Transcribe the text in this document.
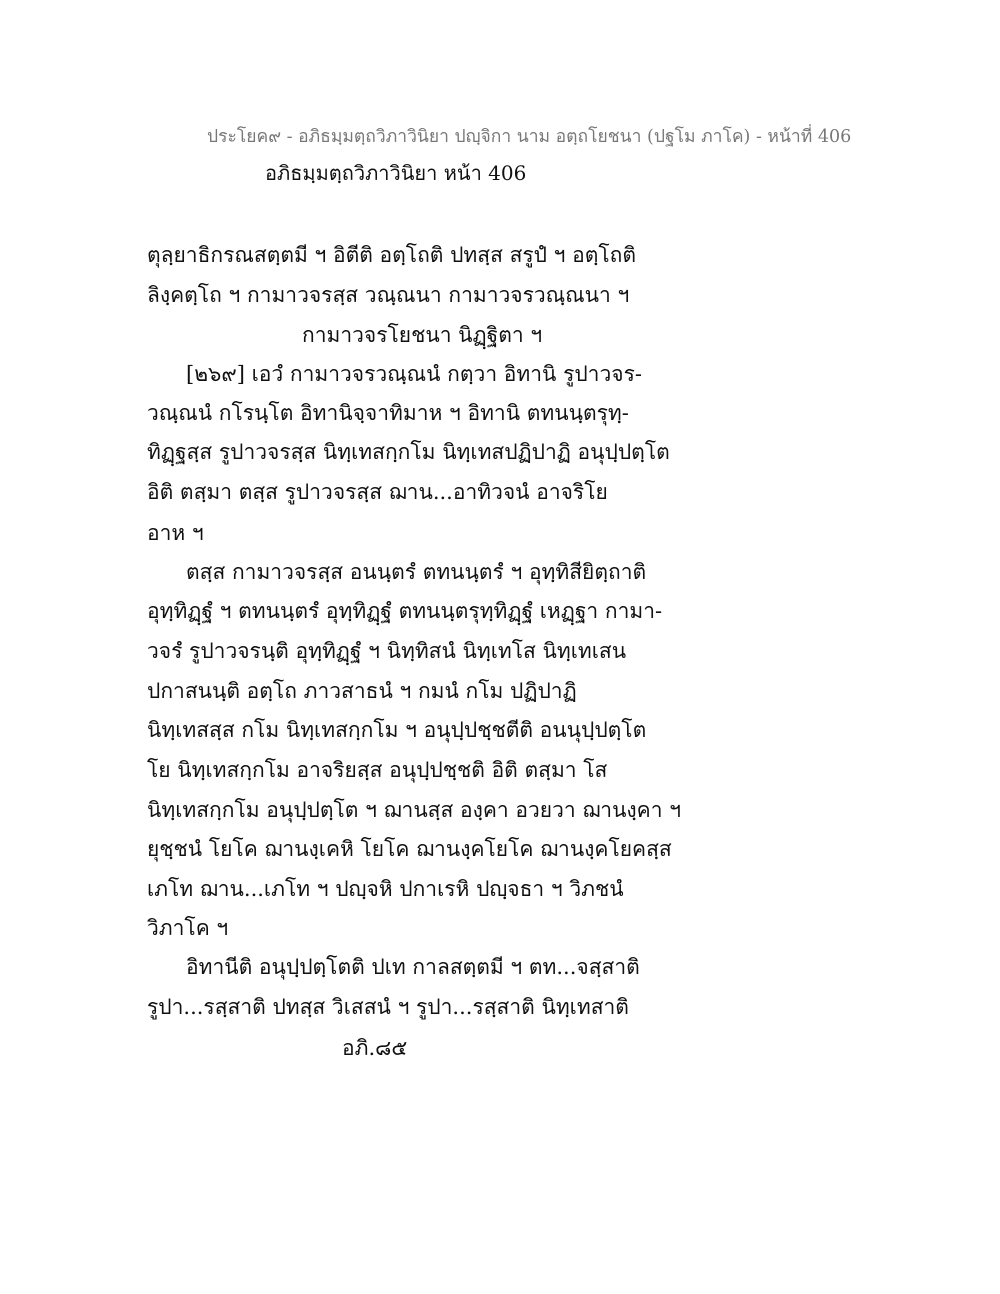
ประโยค๙ - อภิธมฺมตฺถวิภาวินิยา ปญฺจิกา นาม อตฺถโยชนา (ปฐโม ภาโค) - หน้าที่ 406
อภิธมฺมตฺถวิภาวินิยา หน้า 406
ตุลฺยาธิกรณสตฺตมี ฯ อิตีติ อตฺโถติ ปทสฺส สรูปํ ฯ อตฺโถติ
ลิงฺคตฺโถ ฯ กามาวจรสฺส วณฺณนา กามาวจรวณฺณนา ฯ
กามาวจรโยชนา นิฏฺฐิตา ฯ
[๒๖๙] เอวํ กามาวจรวณฺณนํ กตฺวา อิทานิ รูปาวจร-
วณฺณนํ กโรนฺโต อิทานิจฺจาทิมาห ฯ อิทานิ ตทนนฺตรุทฺ-
ทิฏฺฐสฺส รูปาวจรสฺส นิทฺเทสกฺกโม นิทฺเทสปฏิปาฏิ อนุปฺปตฺโต
อิติ ตสฺมา ตสฺส รูปาวจรสฺส ฌาน...อาทิวจนํ อาจริโย
อาห ฯ
ตสฺส กามาวจรสฺส อนนฺตรํ ตทนนฺตรํ ฯ อุทฺทิสียิตฺถาติ
อุทฺทิฏฺฐํ ฯ ตทนนฺตรํ อุทฺทิฏฺฐํ ตทนนฺตรุทฺทิฏฺฐํ เหฏฺฐา กามา-
วจรํ รูปาวจรนฺติ อุทฺทิฏฺฐํ ฯ นิทฺทิสนํ นิทฺเทโส นิทฺเทเสน
ปกาสนนฺติ อตฺโถ ภาวสาธนํ ฯ กมนํ กโม ปฏิปาฏิ
นิทฺเทสสฺส กโม นิทฺเทสกฺกโม ฯ อนุปฺปชฺชตีติ อนนุปฺปตฺโต
โย นิทฺเทสกฺกโม อาจริยสฺส อนุปฺปชฺชติ อิติ ตสฺมา โส
นิทฺเทสกฺกโม อนุปฺปตฺโต ฯ ฌานสฺส องฺคา อวยวา ฌานงฺคา ฯ
ยุชฺชนํ โยโค ฌานงฺเคหิ โยโค ฌานงฺคโยโค ฌานงฺคโยคสฺส
เภโท ฌาน...เภโท ฯ ปญฺจหิ ปกาเรหิ ปญฺจธา ฯ วิภชนํ
วิภาโค ฯ
อิทานีติ อนุปฺปตฺโตติ ปเท กาลสตฺตมี ฯ ตท...จสฺสาติ
รูปา...รสฺสาติ ปทสฺส วิเสสนํ ฯ รูปา...รสฺสาติ นิทฺเทสาติ
อภิ.๘๕
